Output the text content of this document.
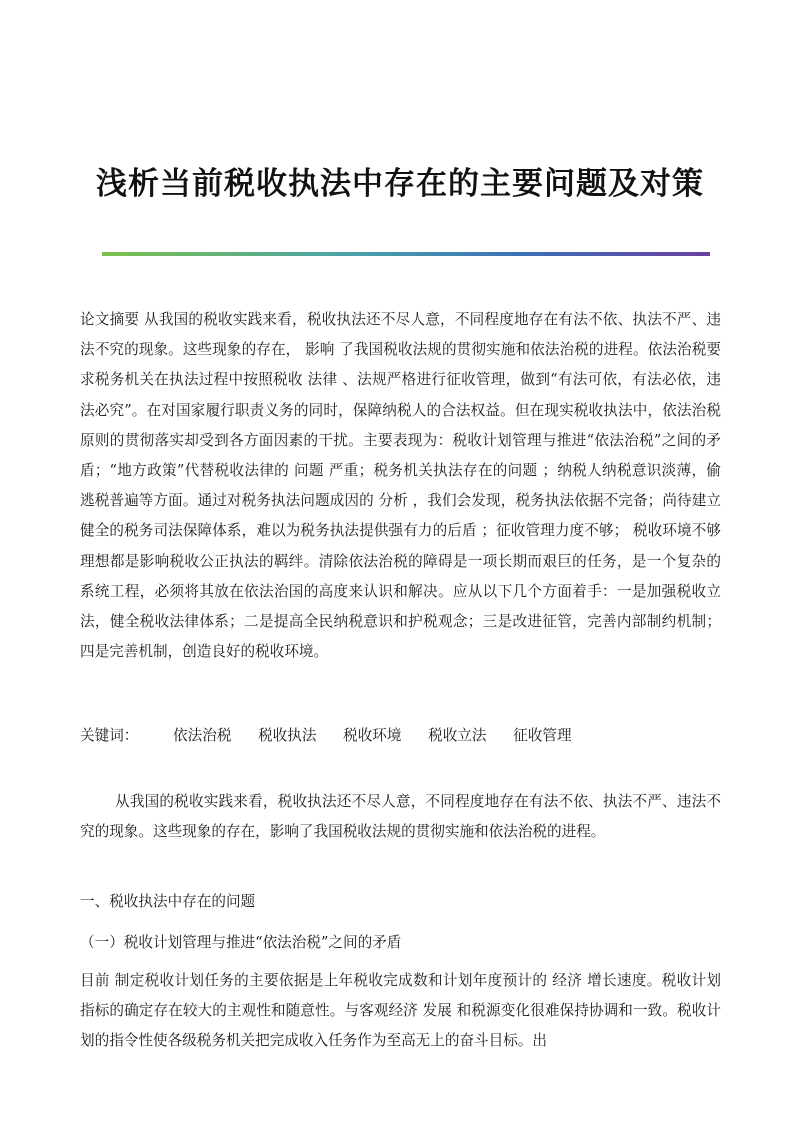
浅析当前税收执法中存在的主要问题及对策

论文摘要 从我国的税收实践来看，税收执法还不尽人意，不同程度地存在有法不依、执法不严、违法不究的现象。这些现象的存在， 影响 了我国税收法规的贯彻实施和依法治税的进程。依法治税要求税务机关在执法过程中按照税收 法律 、法规严格进行征收管理，做到“有法可依，有法必依，违法必究”。在对国家履行职责义务的同时，保障纳税人的合法权益。但在现实税收执法中，依法治税原则的贯彻落实却受到各方面因素的干扰。主要表现为：税收计划管理与推进“依法治税”之间的矛盾；“地方政策”代替税收法律的 问题 严重；税务机关执法存在的问题 ；纳税人纳税意识淡薄，偷逃税普遍等方面。通过对税务执法问题成因的 分析 ，我们会发现，税务执法依据不完备；尚待建立健全的税务司法保障体系，难以为税务执法提供强有力的后盾 ；征收管理力度不够； 税收环境不够理想都是影响税收公正执法的羁绊。清除依法治税的障碍是一项长期而艰巨的任务，是一个复杂的系统工程，必须将其放在依法治国的高度来认识和解决。应从以下几个方面着手：一是加强税收立法，健全税收法律体系；二是提高全民纳税意识和护税观念；三是改进征管，完善内部制约机制；四是完善机制，创造良好的税收环境。

关键词： 依法治税 税收执法 税收环境 税收立法 征收管理

从我国的税收实践来看，税收执法还不尽人意，不同程度地存在有法不依、执法不严、违法不究的现象。这些现象的存在，影响了我国税收法规的贯彻实施和依法治税的进程。

一、税收执法中存在的问题

（一）税收计划管理与推进“依法治税”之间的矛盾

目前 制定税收计划任务的主要依据是上年税收完成数和计划年度预计的 经济 增长速度。税收计划指标的确定存在较大的主观性和随意性。与客观经济 发展 和税源变化很难保持协调和一致。税收计划的指令性使各级税务机关把完成收入任务作为至高无上的奋斗目标。出
